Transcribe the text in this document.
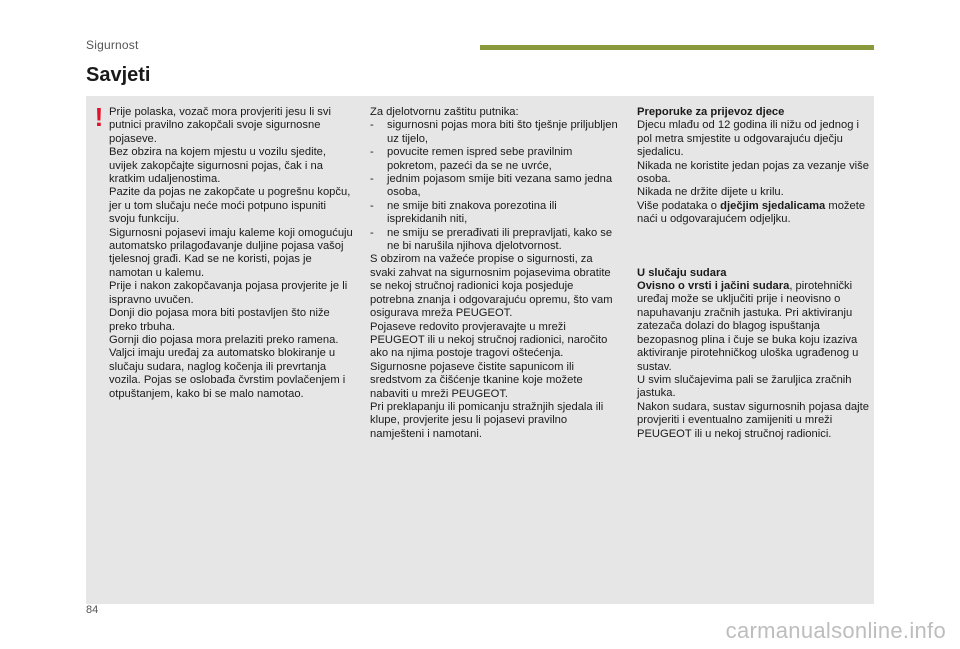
Sigurnost
Savjeti
! Prije polaska, vozač mora provjeriti jesu li svi putnici pravilno zakopčali svoje sigurnosne pojaseve.
Bez obzira na kojem mjestu u vozilu sjedite, uvijek zakopčajte sigurnosni pojas, čak i na kratkim udaljenostima.
Pazite da pojas ne zakopčate u pogrešnu kopču, jer u tom slučaju neće moći potpuno ispuniti svoju funkciju.
Sigurnosni pojasevi imaju kaleme koji omogućuju automatsko prilagođavanje duljine pojasa vašoj tjelesnoj građi. Kad se ne koristi, pojas je namotan u kalemu.
Prije i nakon zakopčavanja pojasa provjerite je li ispravno uvučen.
Donji dio pojasa mora biti postavljen što niže preko trbuha.
Gornji dio pojasa mora prelaziti preko ramena.
Valjci imaju uređaj za automatsko blokiranje u slučaju sudara, naglog kočenja ili prevrtanja vozila. Pojas se oslobađa čvrstim povlačenjem i otpuštanjem, kako bi se malo namotao.

Za djelotvornu zaštitu putnika:

- sigurnosni pojas mora biti što tješnje priljubljen uz tijelo,
- povucite remen ispred sebe pravilnim pokretom, pazeći da se ne uvrće,
- jednim pojasom smije biti vezana samo jedna osoba,
- ne smije biti znakova porezotina ili isprekidanih niti,
- ne smiju se prerađivati ili prepravljati, kako se ne bi narušila njihova djelotvornost.

S obzirom na važeće propise o sigurnosti, za svaki zahvat na sigurnosnim pojasevima obratite se nekoj stručnoj radionici koja posjeduje potrebna znanja i odgovarajuću opremu, što vam osigurava mreža PEUGEOT.
Pojaseve redovito provjeravajte u mreži PEUGEOT ili u nekoj stručnoj radionici, naročito ako na njima postoje tragovi oštećenja.
Sigurnosne pojaseve čistite sapunicom ili sredstvom za čišćenje tkanine koje možete nabaviti u mreži PEUGEOT.
Pri preklapanju ili pomicanju stražnjih sjedala ili klupe, provjerite jesu li pojasevi pravilno namješteni i namotani.

Preporuke za prijevoz djece

Djecu mlađu od 12 godina ili nižu od jednog i pol metra smjestite u odgovarajuću dječju sjedalicu.
Nikada ne koristite jedan pojas za vezanje više osoba.
Nikada ne držite dijete u krilu.

Više podataka o dječjim sjedalicama možete naći u odgovarajućem odjeljku.

U slučaju sudara

Ovisno o vrsti i jačini sudara, pirotehnički uređaj može se uključiti prije i neovisno o napuhavanju zračnih jastuka. Pri aktiviranju zatezača dolazi do blagog ispuštanja bezopasnog plina i čuje se buka koju izaziva aktiviranje pirotehničkog uloška ugrađenog u sustav.
U svim slučajevima pali se žaruljica zračnih jastuka.
Nakon sudara, sustav sigurnosnih pojasa dajte provjeriti i eventualno zamijeniti u mreži PEUGEOT ili u nekoj stručnoj radionici.

84
carmanualsonline.info
